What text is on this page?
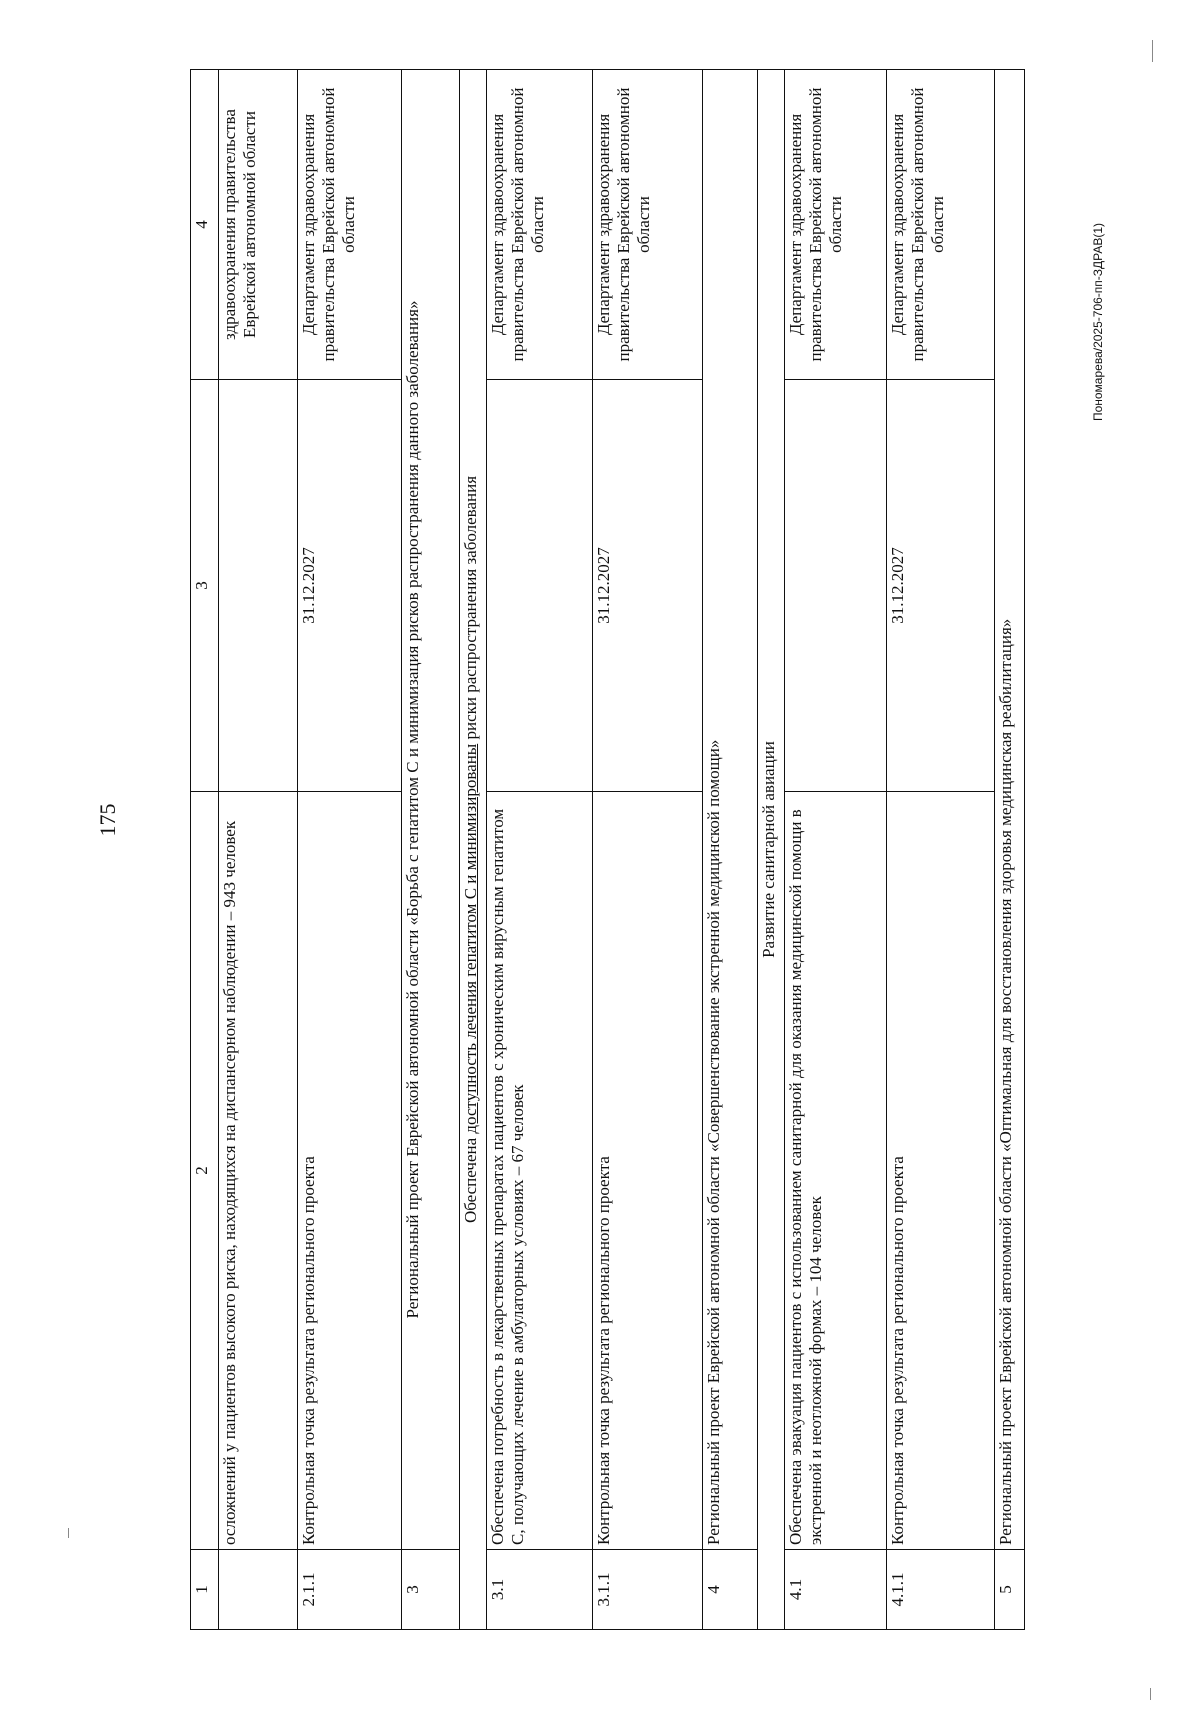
175
Пономарева/2025-706-пп-ЗДРАВ(1)
1	2	3	4
	осложнений у пациентов высокого риска, находящихся на диспансерном наблюдении – 943 человек		здравоохранения правительства Еврейской автономной области
2.1.1	Контрольная точка результата регионального проекта	31.12.2027	Департамент здравоохранения правительства Еврейской автономной области
3	Региональный проект Еврейской автономной области «Борьба с гепатитом С и минимизация рисков распространения данного заболевания»		
Обеспечена доступность лечения гепатитом С и минимизированы риски распространения заболевания			
3.1	Обеспечена потребность в лекарственных препаратах пациентов с хроническим вирусным гепатитом С, получающих лечение в амбулаторных условиях – 67 человек		Департамент здравоохранения правительства Еврейской автономной области
3.1.1	Контрольная точка результата регионального проекта	31.12.2027	Департамент здравоохранения правительства Еврейской автономной области
4	Региональный проект Еврейской автономной области «Совершенствование экстренной медицинской помощи»		
Развитие санитарной авиации			
4.1	Обеспечена эвакуация пациентов с использованием санитарной для оказания медицинской помощи в экстренной и неотложной формах – 104 человек		Департамент здравоохранения правительства Еврейской автономной области
4.1.1	Контрольная точка результата регионального проекта	31.12.2027	Департамент здравоохранения правительства Еврейской автономной области
5	Региональный проект Еврейской автономной области «Оптимальная для восстановления здоровья медицинская реабилитация»		
